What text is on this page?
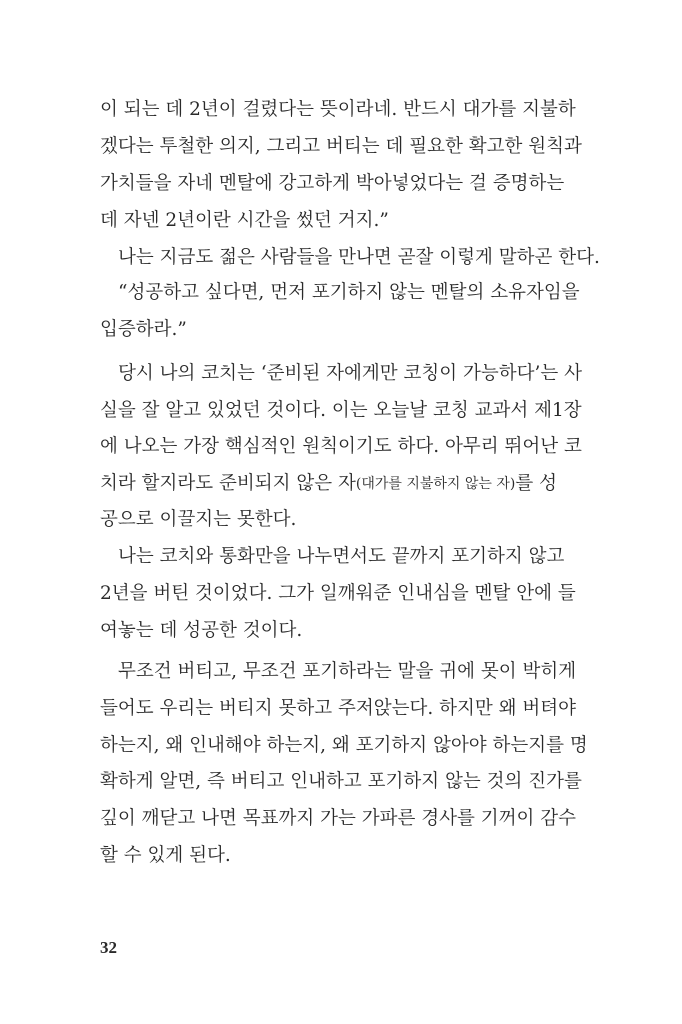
이 되는 데 2년이 걸렸다는 뜻이라네. 반드시 대가를 지불하
겠다는 투철한 의지, 그리고 버티는 데 필요한 확고한 원칙과
가치들을 자네 멘탈에 강고하게 박아넣었다는 걸 증명하는
데 자넨 2년이란 시간을 썼던 거지.”
나는 지금도 젊은 사람들을 만나면 곧잘 이렇게 말하곤 한다.
“성공하고 싶다면, 먼저 포기하지 않는 멘탈의 소유자임을
입증하라.”
당시 나의 코치는 ‘준비된 자에게만 코칭이 가능하다’는 사
실을 잘 알고 있었던 것이다. 이는 오늘날 코칭 교과서 제1장
에 나오는 가장 핵심적인 원칙이기도 하다. 아무리 뛰어난 코
치라 할지라도 준비되지 않은 자 (대가를 지불하지 않는 자) 를 성
공으로 이끌지는 못한다.
나는 코치와 통화만을 나누면서도 끝까지 포기하지 않고
2년을 버틴 것이었다. 그가 일깨워준 인내심을 멘탈 안에 들
여놓는 데 성공한 것이다.
무조건 버티고, 무조건 포기하라는 말을 귀에 못이 박히게
들어도 우리는 버티지 못하고 주저앉는다. 하지만 왜 버텨야
하는지, 왜 인내해야 하는지, 왜 포기하지 않아야 하는지를 명
확하게 알면, 즉 버티고 인내하고 포기하지 않는 것의 진가를
깊이 깨닫고 나면 목표까지 가는 가파른 경사를 기꺼이 감수
할 수 있게 된다.
32
